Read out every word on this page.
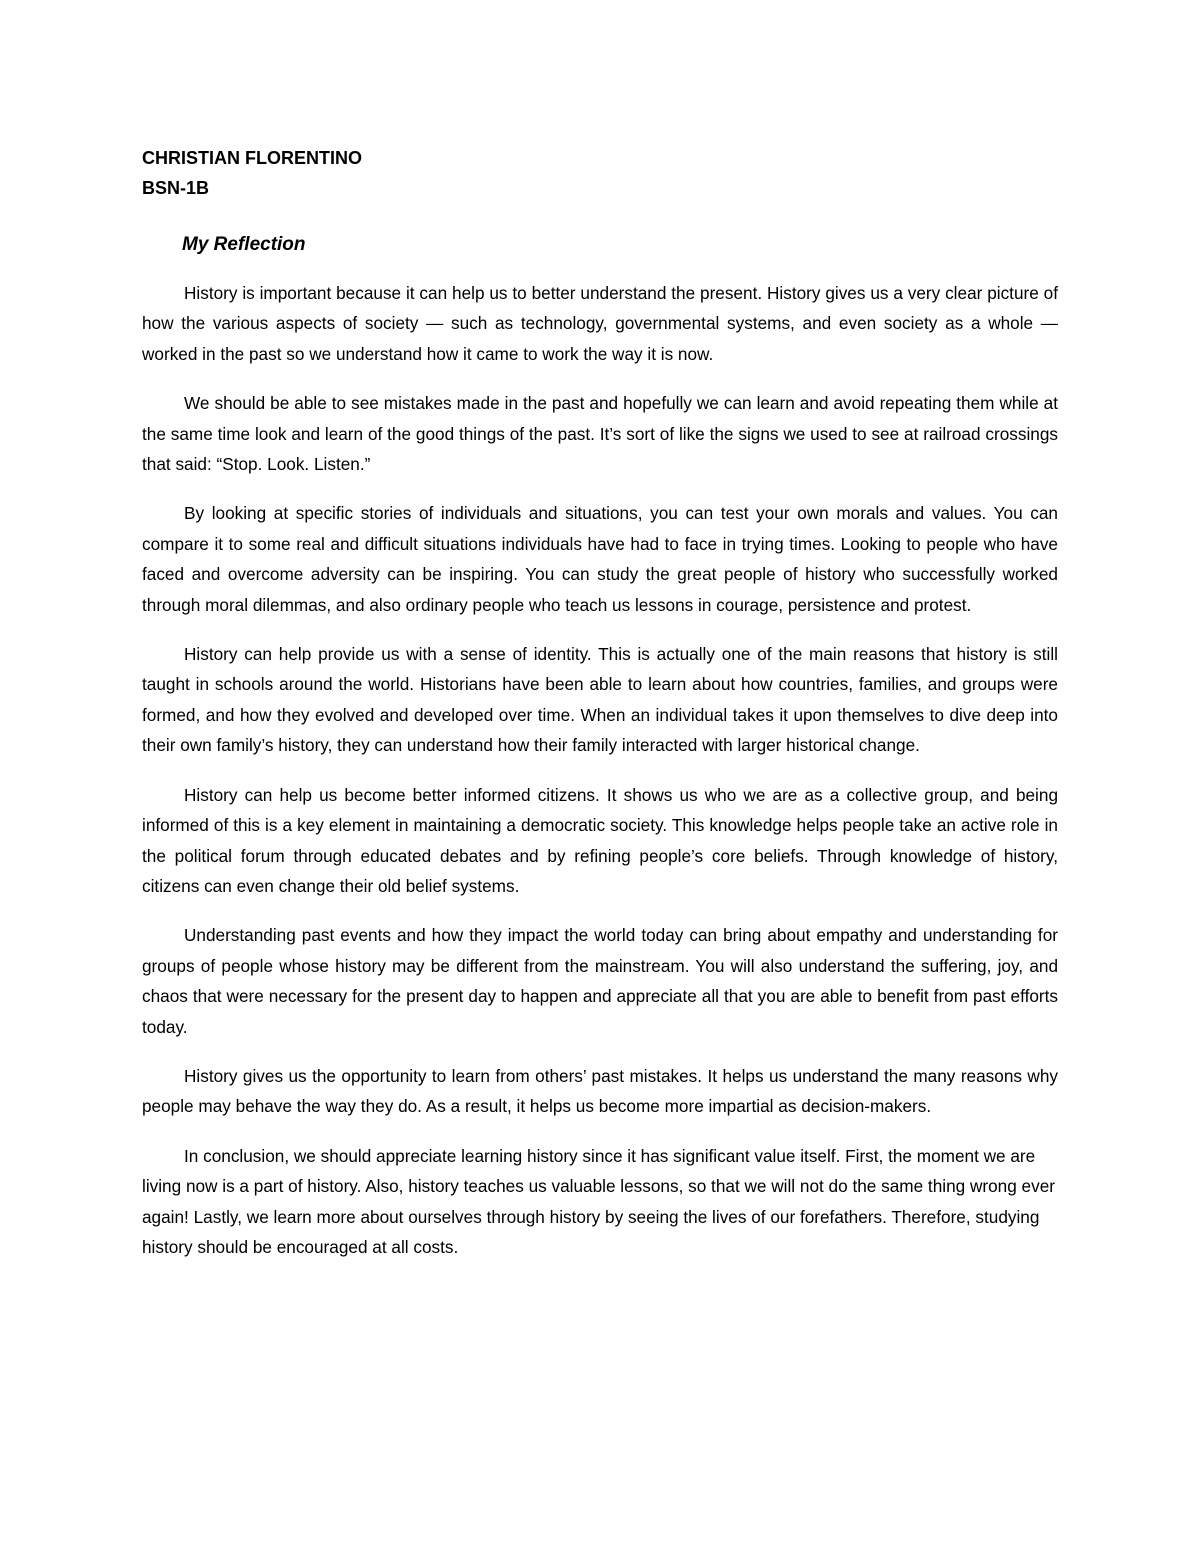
CHRISTIAN FLORENTINO

BSN-1B

My Reflection

History is important because it can help us to better understand the present. History gives us a very clear picture of how the various aspects of society — such as technology, governmental systems, and even society as a whole — worked in the past so we understand how it came to work the way it is now.

We should be able to see mistakes made in the past and hopefully we can learn and avoid repeating them while at the same time look and learn of the good things of the past. It’s sort of like the signs we used to see at railroad crossings that said: “Stop. Look. Listen.”

By looking at specific stories of individuals and situations, you can test your own morals and values. You can compare it to some real and difficult situations individuals have had to face in trying times. Looking to people who have faced and overcome adversity can be inspiring. You can study the great people of history who successfully worked through moral dilemmas, and also ordinary people who teach us lessons in courage, persistence and protest.

History can help provide us with a sense of identity. This is actually one of the main reasons that history is still taught in schools around the world. Historians have been able to learn about how countries, families, and groups were formed, and how they evolved and developed over time. When an individual takes it upon themselves to dive deep into their own family’s history, they can understand how their family interacted with larger historical change.

History can help us become better informed citizens. It shows us who we are as a collective group, and being informed of this is a key element in maintaining a democratic society. This knowledge helps people take an active role in the political forum through educated debates and by refining people’s core beliefs. Through knowledge of history, citizens can even change their old belief systems.

Understanding past events and how they impact the world today can bring about empathy and understanding for groups of people whose history may be different from the mainstream. You will also understand the suffering, joy, and chaos that were necessary for the present day to happen and appreciate all that you are able to benefit from past efforts today.

History gives us the opportunity to learn from others’ past mistakes. It helps us understand the many reasons why people may behave the way they do. As a result, it helps us become more impartial as decision-makers.

In conclusion, we should appreciate learning history since it has significant value itself. First, the moment we are living now is a part of history. Also, history teaches us valuable lessons, so that we will not do the same thing wrong ever again! Lastly, we learn more about ourselves through history by seeing the lives of our forefathers. Therefore, studying history should be encouraged at all costs.
